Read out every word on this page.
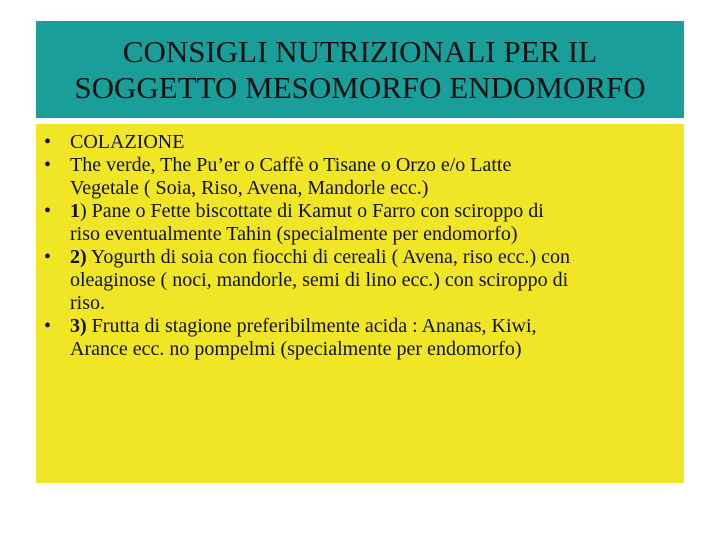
CONSIGLI NUTRIZIONALI PER IL
SOGGETTO MESOMORFO ENDOMORFO
• COLAZIONE
• The verde, The Pu’er o Caffè o Tisane o Orzo e/o Latte
Vegetale ( Soia, Riso, Avena, Mandorle ecc.)
• 1) Pane o Fette biscottate di Kamut o Farro con sciroppo di
riso eventualmente Tahin (specialmente per endomorfo)
• 2) Yogurth di soia con fiocchi di cereali ( Avena, riso ecc.) con
oleaginose ( noci, mandorle, semi di lino ecc.) con sciroppo di
riso.
• 3) Frutta di stagione preferibilmente acida : Ananas, Kiwi,
Arance ecc. no pompelmi (specialmente per endomorfo)
